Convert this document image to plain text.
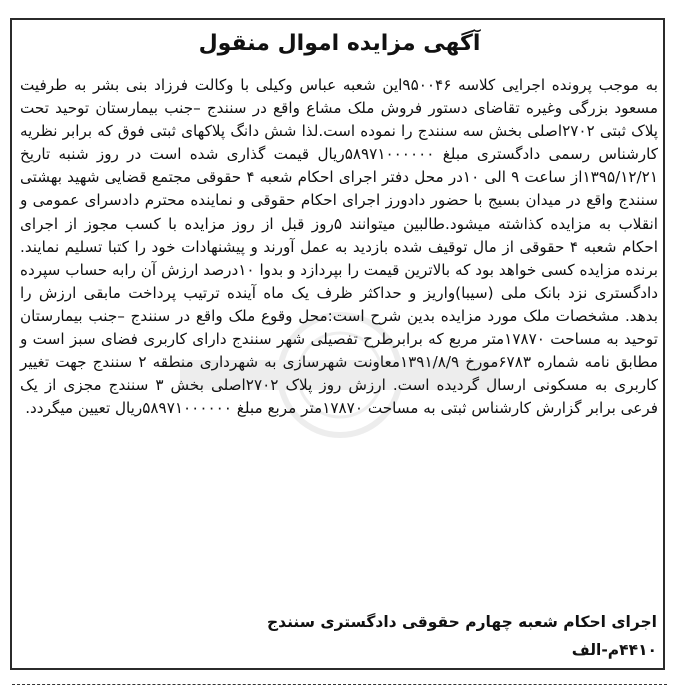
آگهی مزایده اموال منقول
به موجب پرونده اجرایی کلاسه ۹۵۰۰۴۶این شعبه عباس وکیلی با وکالت فرزاد بنی بشر به طرفیت مسعود بزرگی وغیره تقاضای دستور فروش ملک مشاع واقع در سنندج –جنب بیمارستان توحید تحت پلاک ثبتی ۲۷۰۲اصلی بخش سه سنندج را نموده است.لذا شش دانگ پلاکهای ثبتی فوق که برابر نظریه کارشناس رسمی دادگستری مبلغ ۵۸۹۷۱۰۰۰۰۰۰ریال قیمت گذاری شده است در روز شنبه تاریخ ۱۳۹۵/۱۲/۲۱از ساعت ۹ الی ۱۰در محل دفتر اجرای احکام شعبه ۴ حقوقی مجتمع قضایی شهید بهشتی سنندج واقع در میدان بسیج با حضور دادورز اجرای احکام حقوقی و نماینده محترم دادسرای عمومی و انقلاب به مزایده کذاشته میشود.طالبین میتوانند ۵روز قبل از روز مزایده با کسب مجوز از اجرای احکام شعبه ۴ حقوقی از مال توقیف شده بازدید به عمل آورند و پیشنهادات خود را کتبا تسلیم نمایند. برنده مزایده کسی خواهد بود که بالاترین قیمت را بپردازد و بدوا ۱۰درصد ارزش آن رابه حساب سپرده دادگستری نزد بانک ملی (سیبا)واریز و حداکثر ظرف یک ماه آینده ترتیب پرداخت مابقی ارزش را بدهد. مشخصات ملک مورد مزایده بدین شرح است:محل وقوع ملک واقع در سنندج –جنب بیمارستان توحید به مساحت ۱۷۸۷۰متر مربع که برابرطرح تفصیلی شهر سنندج دارای کاربری فضای سبز است و مطابق نامه شماره ۶۷۸۳مورخ ۱۳۹۱/۸/۹معاونت شهرسازی به شهرداری منطقه ۲ سنندج جهت تغییر کاربری به مسکونی ارسال گردیده است. ارزش روز پلاک ۲۷۰۲اصلی بخش ۳ سنندج مجزی از یک فرعی برابر گزارش کارشناس ثبتی به مساحت ۱۷۸۷۰متر مربع مبلغ ۵۸۹۷۱۰۰۰۰۰۰ریال تعیین میگردد.
اجرای احکام شعبه چهارم حقوقی دادگستری سنندج
۴۴۱۰م-الف
